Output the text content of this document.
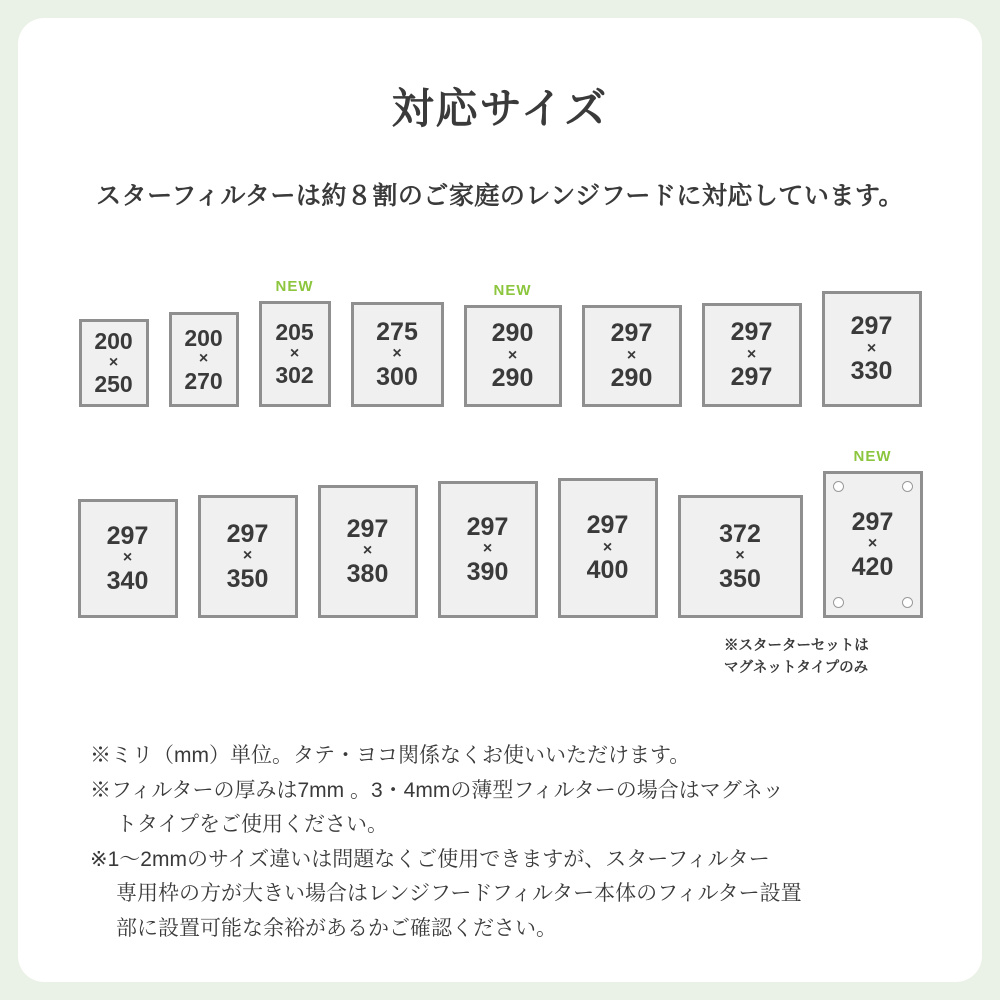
対応サイズ
スターフィルターは約８割のご家庭のレンジフードに対応しています。
200
×
250
200
×
270
NEW
205
×
302
275
×
300
NEW
290
×
290
297
×
290
297
×
297
297
×
330
297
×
340
297
×
350
297
×
380
297
×
390
297
×
400
372
×
350
NEW
297
×
420
※スターターセットは
マグネットタイプのみ
※ミリ（mm）単位。タテ・ヨコ関係なくお使いいただけます。
※フィルターの厚みは7mm 。3・4mmの薄型フィルターの場合はマグネッ
トタイプをご使用ください。
※1〜2mmのサイズ違いは問題なくご使用できますが、スターフィルター
専用枠の方が大きい場合はレンジフードフィルター本体のフィルター設置
部に設置可能な余裕があるかご確認ください。
